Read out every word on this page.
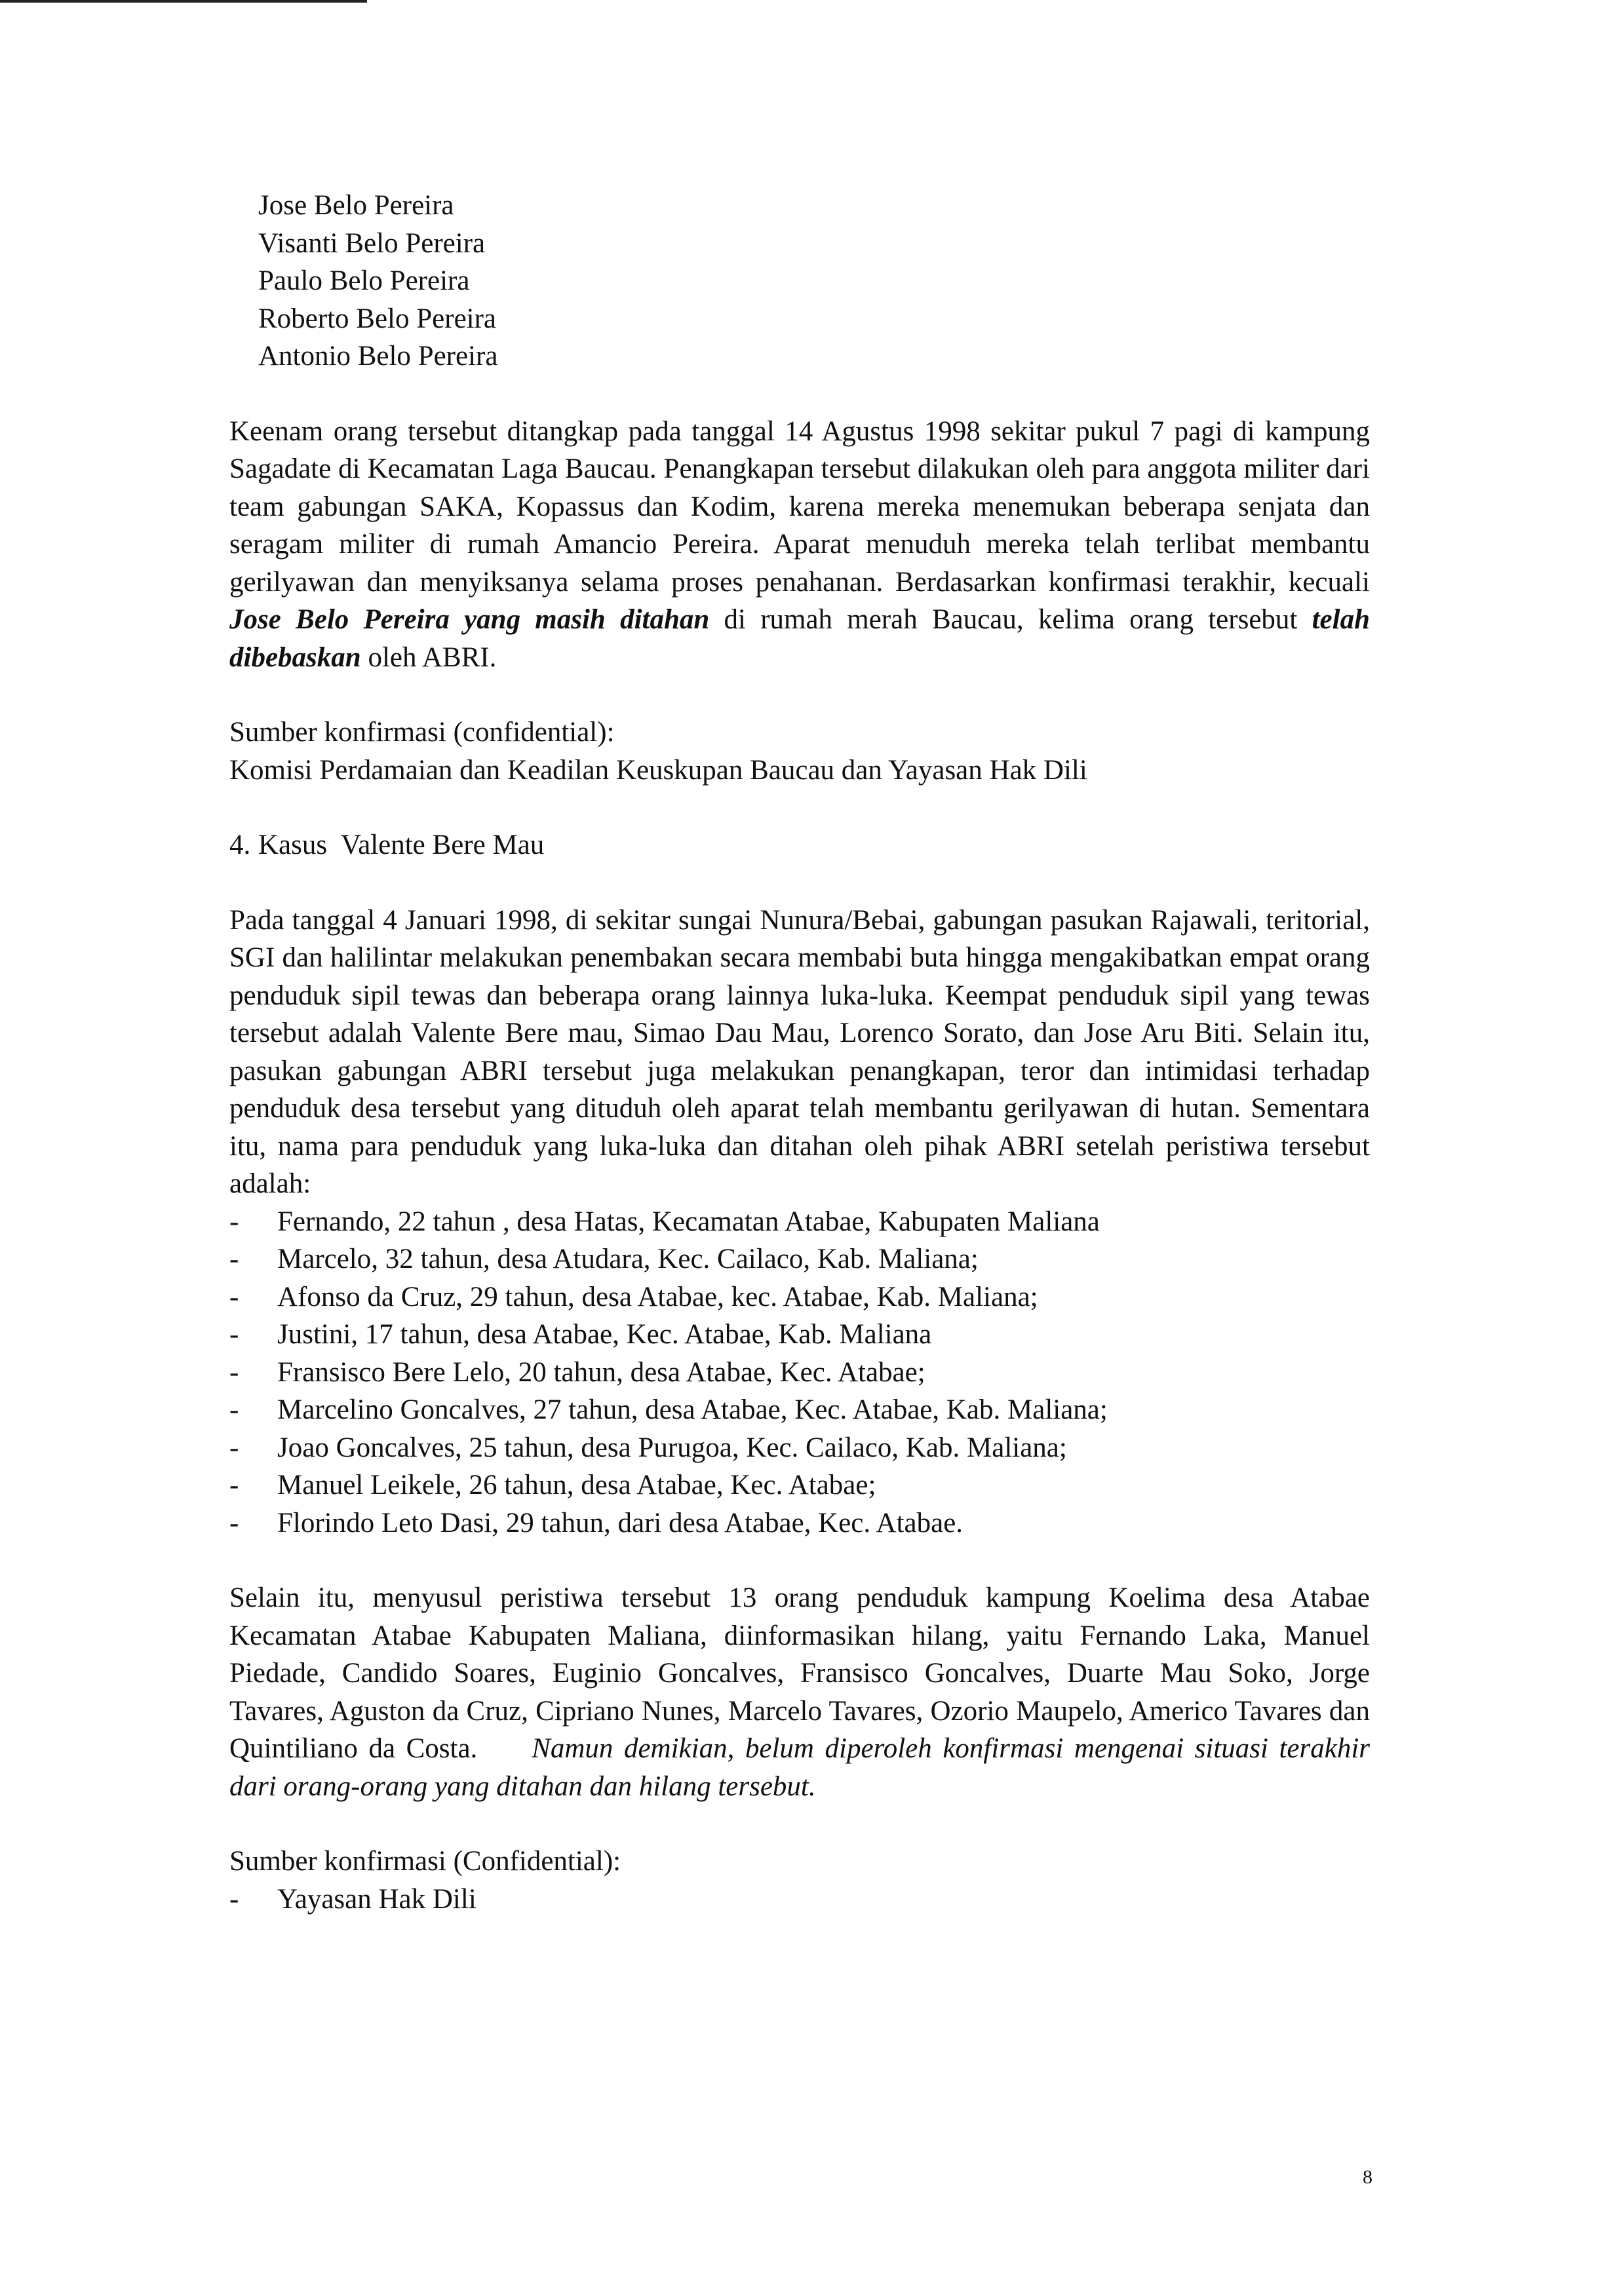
Jose Belo Pereira
Visanti Belo Pereira
Paulo Belo Pereira
Roberto Belo Pereira
Antonio Belo Pereira

Keenam orang tersebut ditangkap pada tanggal 14 Agustus 1998 sekitar pukul 7 pagi di kampung Sagadate di Kecamatan Laga Baucau. Penangkapan tersebut dilakukan oleh para anggota militer dari team gabungan SAKA, Kopassus dan Kodim, karena mereka menemukan beberapa senjata dan seragam militer di rumah Amancio Pereira. Aparat menuduh mereka telah terlibat membantu gerilyawan dan menyiksanya selama proses penahanan. Berdasarkan konfirmasi terakhir, kecuali Jose Belo Pereira yang masih ditahan di rumah merah Baucau, kelima orang tersebut telah dibebaskan oleh ABRI.

Sumber konfirmasi (confidential):
Komisi Perdamaian dan Keadilan Keuskupan Baucau dan Yayasan Hak Dili
4. Kasus  Valente Bere Mau

Pada tanggal 4 Januari 1998, di sekitar sungai Nunura/Bebai, gabungan pasukan Rajawali, teritorial, SGI dan halilintar melakukan penembakan secara membabi buta hingga mengakibatkan empat orang penduduk sipil tewas dan beberapa orang lainnya luka-luka. Keempat penduduk sipil yang tewas tersebut adalah Valente Bere mau, Simao Dau Mau, Lorenco Sorato, dan Jose Aru Biti. Selain itu, pasukan gabungan ABRI tersebut juga melakukan penangkapan, teror dan intimidasi terhadap penduduk desa tersebut yang dituduh oleh aparat telah membantu gerilyawan di hutan. Sementara itu, nama para penduduk yang luka-luka dan ditahan oleh pihak ABRI setelah peristiwa tersebut adalah:

-	Fernando, 22 tahun , desa Hatas, Kecamatan Atabae, Kabupaten Maliana
-	Marcelo, 32 tahun, desa Atudara, Kec. Cailaco, Kab. Maliana;
-	Afonso da Cruz, 29 tahun, desa Atabae, kec. Atabae, Kab. Maliana;
-	Justini, 17 tahun, desa Atabae, Kec. Atabae, Kab. Maliana
-	Fransisco Bere Lelo, 20 tahun, desa Atabae, Kec. Atabae;
-	Marcelino Goncalves, 27 tahun, desa Atabae, Kec. Atabae, Kab. Maliana;
-	Joao Goncalves, 25 tahun, desa Purugoa, Kec. Cailaco, Kab. Maliana;
-	Manuel Leikele, 26 tahun, desa Atabae, Kec. Atabae;
-	Florindo Leto Dasi, 29 tahun, dari desa Atabae, Kec. Atabae.

Selain itu, menyusul peristiwa tersebut 13 orang penduduk kampung Koelima desa Atabae Kecamatan Atabae Kabupaten Maliana, diinformasikan hilang, yaitu Fernando Laka, Manuel Piedade, Candido Soares, Euginio Goncalves, Fransisco Goncalves, Duarte Mau Soko, Jorge Tavares, Aguston da Cruz, Cipriano Nunes, Marcelo Tavares, Ozorio Maupelo, Americo Tavares dan Quintiliano da Costa.     Namun demikian, belum diperoleh konfirmasi mengenai situasi terakhir dari orang-orang yang ditahan dan hilang tersebut.

Sumber konfirmasi (Confidential):
-	Yayasan Hak Dili
8
